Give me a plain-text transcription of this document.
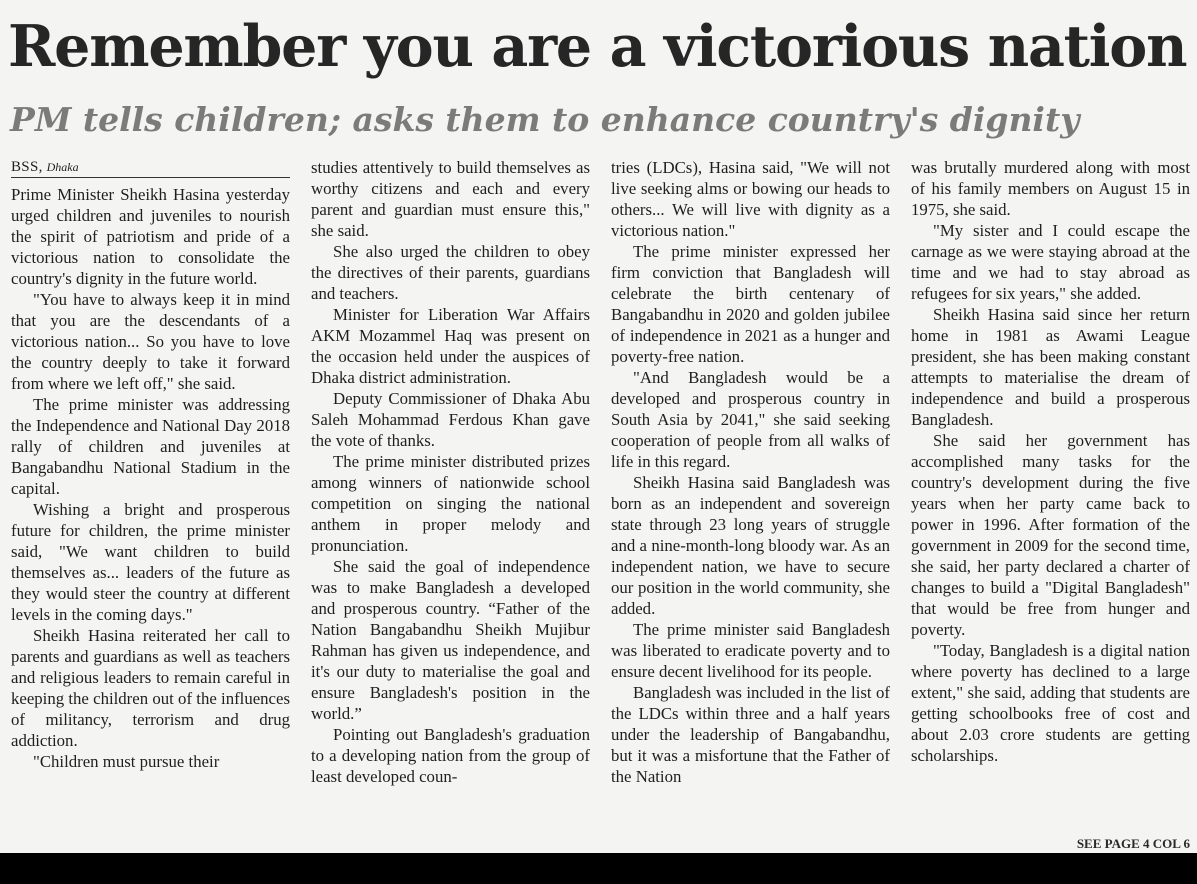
Remember you are a victorious nation
PM tells children; asks them to enhance country's dignity
BSS, Dhaka

Prime Minister Sheikh Hasina yesterday urged children and juveniles to nourish the spirit of patriotism and pride of a victorious nation to consolidate the country's dignity in the future world.

"You have to always keep it in mind that you are the descendants of a victorious nation... So you have to love the country deeply to take it forward from where we left off," she said.

The prime minister was addressing the Independence and National Day 2018 rally of children and juveniles at Bangabandhu National Stadium in the capital.

Wishing a bright and prosperous future for children, the prime minister said, "We want children to build themselves as... leaders of the future as they would steer the country at different levels in the coming days."

Sheikh Hasina reiterated her call to parents and guardians as well as teachers and religious leaders to remain careful in keeping the children out of the influences of militancy, terrorism and drug addiction.

"Children must pursue their

studies attentively to build themselves as worthy citizens and each and every parent and guardian must ensure this," she said.

She also urged the children to obey the directives of their parents, guardians and teachers.

Minister for Liberation War Affairs AKM Mozammel Haq was present on the occasion held under the auspices of Dhaka district administration.

Deputy Commissioner of Dhaka Abu Saleh Mohammad Ferdous Khan gave the vote of thanks.

The prime minister distributed prizes among winners of nationwide school competition on singing the national anthem in proper melody and pronunciation.

She said the goal of independence was to make Bangladesh a developed and prosperous country. “Father of the Nation Bangabandhu Sheikh Mujibur Rahman has given us independence, and it's our duty to materialise the goal and ensure Bangladesh's position in the world.”

Pointing out Bangladesh's graduation to a developing nation from the group of least developed coun-

tries (LDCs), Hasina said, "We will not live seeking alms or bowing our heads to others... We will live with dignity as a victorious nation."

The prime minister expressed her firm conviction that Bangladesh will celebrate the birth centenary of Bangabandhu in 2020 and golden jubilee of independence in 2021 as a hunger and poverty-free nation.

"And Bangladesh would be a developed and prosperous country in South Asia by 2041," she said seeking cooperation of people from all walks of life in this regard.

Sheikh Hasina said Bangladesh was born as an independent and sovereign state through 23 long years of struggle and a nine-month-long bloody war. As an independent nation, we have to secure our position in the world community, she added.

The prime minister said Bangladesh was liberated to eradicate poverty and to ensure decent livelihood for its people.

Bangladesh was included in the list of the LDCs within three and a half years under the leadership of Bangabandhu, but it was a misfortune that the Father of the Nation

was brutally murdered along with most of his family members on August 15 in 1975, she said.

"My sister and I could escape the carnage as we were staying abroad at the time and we had to stay abroad as refugees for six years," she added.

Sheikh Hasina said since her return home in 1981 as Awami League president, she has been making constant attempts to materialise the dream of independence and build a prosperous Bangladesh.

She said her government has accomplished many tasks for the country's development during the five years when her party came back to power in 1996. After formation of the government in 2009 for the second time, she said, her party declared a charter of changes to build a "Digital Bangladesh" that would be free from hunger and poverty.

"Today, Bangladesh is a digital nation where poverty has declined to a large extent," she said, adding that students are getting schoolbooks free of cost and about 2.03 crore students are getting scholarships.

SEE PAGE 4 COL 6
